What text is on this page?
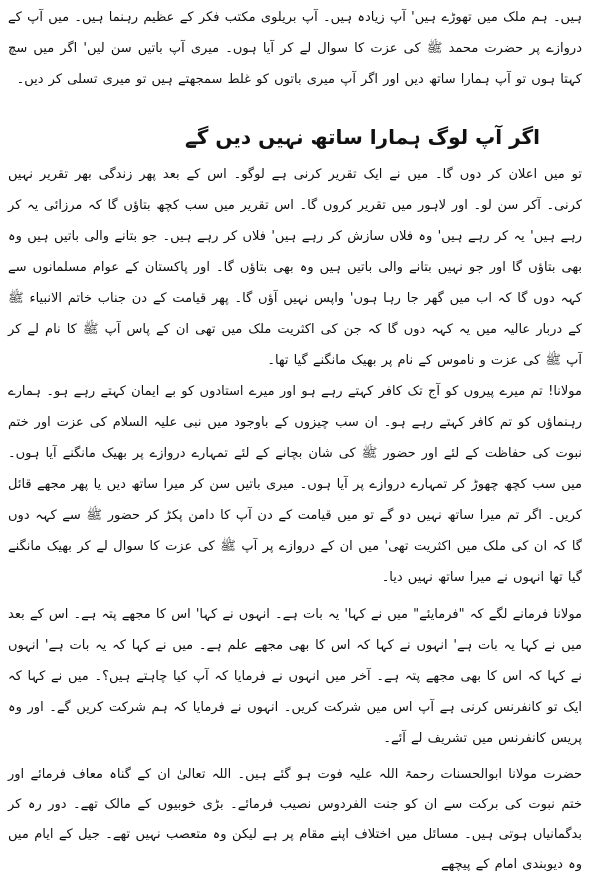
ہیں۔ ہم ملک میں تھوڑے ہیں' آپ زیادہ ہیں۔ آپ بریلوی مکتب فکر کے عظیم رہنما ہیں۔ میں آپ کے دروازے پر حضرت محمد ﷺ کی عزت کا سوال لے کر آیا ہوں۔ میری آپ باتیں سن لیں' اگر میں سچ کہتا ہوں تو آپ ہمارا ساتھ دیں اور اگر آپ میری باتوں کو غلط سمجھتے ہیں تو میری تسلی کر دیں۔

اگر آپ لوگ ہمارا ساتھ نہیں دیں گے

تو میں اعلان کر دوں گا۔ میں نے ایک تقریر کرنی ہے لوگو۔ اس کے بعد پھر زندگی بھر تقریر نہیں کرنی۔ آکر سن لو۔ اور لاہور میں تقریر کروں گا۔ اس تقریر میں سب کچھ بتاؤں گا کہ مرزائی یہ کر رہے ہیں' یہ کر رہے ہیں' وہ فلاں سازش کر رہے ہیں' فلاں کر رہے ہیں۔ جو بتانے والی باتیں ہیں وہ بھی بتاؤں گا اور جو نہیں بتانے والی باتیں ہیں وہ بھی بتاؤں گا۔ اور پاکستان کے عوام مسلمانوں سے کہہ دوں گا کہ اب میں گھر جا رہا ہوں' واپس نہیں آؤں گا۔ پھر قیامت کے دن جناب خاتم الانبیاء ﷺ کے دربار عالیہ میں یہ کہہ دوں گا کہ جن کی اکثریت ملک میں تھی ان کے پاس آپ ﷺ کا نام لے کر آپ ﷺ کی عزت و ناموس کے نام پر بھیک مانگنے گیا تھا۔

مولانا! تم میرے پیروں کو آج تک کافر کہتے رہے ہو اور میرے استادوں کو بے ایمان کہتے رہے ہو۔ ہمارے رہنماؤں کو تم کافر کہتے رہے ہو۔ ان سب چیزوں کے باوجود میں نبی علیہ السلام کی عزت اور ختم نبوت کی حفاظت کے لئے اور حضور ﷺ کی شان بچانے کے لئے تمہارے دروازے پر بھیک مانگنے آیا ہوں۔ میں سب کچھ چھوڑ کر تمہارے دروازے پر آیا ہوں۔ میری باتیں سن کر میرا ساتھ دیں یا پھر مجھے قائل کریں۔ اگر تم میرا ساتھ نہیں دو گے تو میں قیامت کے دن آپ کا دامن پکڑ کر حضور ﷺ سے کہہ دوں گا کہ ان کی ملک میں اکثریت تھی' میں ان کے دروازے پر آپ ﷺ کی عزت کا سوال لے کر بھیک مانگنے گیا تھا انہوں نے میرا ساتھ نہیں دیا۔

مولانا فرمانے لگے کہ "فرمایئے" میں نے کہا' یہ بات ہے۔ انہوں نے کہا' اس کا مجھے پتہ ہے۔ اس کے بعد میں نے کہا یہ بات ہے' انہوں نے کہا کہ اس کا بھی مجھے علم ہے۔ میں نے کہا کہ یہ بات ہے' انہوں نے کہا کہ اس کا بھی مجھے پتہ ہے۔ آخر میں انہوں نے فرمایا کہ آپ کیا چاہتے ہیں؟۔ میں نے کہا کہ ایک تو کانفرنس کرنی ہے آپ اس میں شرکت کریں۔ انہوں نے فرمایا کہ ہم شرکت کریں گے۔ اور وہ پریس کانفرنس میں تشریف لے آئے۔

حضرت مولانا ابوالحسنات رحمۃ اللہ علیہ فوت ہو گئے ہیں۔ اللہ تعالیٰ ان کے گناہ معاف فرمائے اور ختم نبوت کی برکت سے ان کو جنت الفردوس نصیب فرمائے۔ بڑی خوبیوں کے مالک تھے۔ دور رہ کر بدگمانیاں ہوتی ہیں۔ مسائل میں اختلاف اپنے مقام پر ہے لیکن وہ متعصب نہیں تھے۔ جیل کے ایام میں وہ دیوبندی امام کے پیچھے
